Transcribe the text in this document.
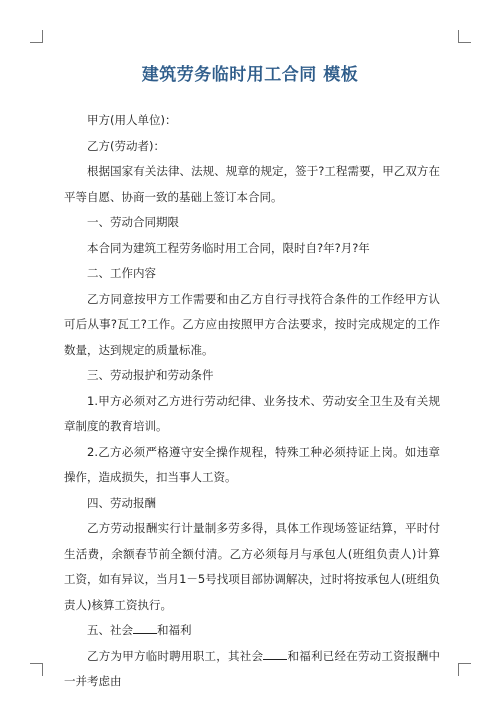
建筑劳务临时用工合同 模板

甲方(用人单位)：

乙方(劳动者)：

根据国家有关法律、法规、规章的规定，签于?工程需要，甲乙双方在平等自愿、协商一致的基础上签订本合同。

一、劳动合同期限

本合同为建筑工程劳务临时用工合同，限时自?年?月?年

二、工作内容

乙方同意按甲方工作需要和由乙方自行寻找符合条件的工作经甲方认可后从事?瓦工?工作。乙方应由按照甲方合法要求，按时完成规定的工作数量，达到规定的质量标准。

三、劳动报护和劳动条件

1.甲方必须对乙方进行劳动纪律、业务技术、劳动安全卫生及有关规章制度的教育培训。

2.乙方必须严格遵守安全操作规程，特殊工种必须持证上岗。如违章操作，造成损失，扣当事人工资。

四、劳动报酬

乙方劳动报酬实行计量制多劳多得，具体工作现场签证结算，平时付生活费，余额春节前全额付清。乙方必须每月与承包人(班组负责人)计算工资，如有异议，当月1－5号找项目部协调解决，过时将按承包人(班组负责人)核算工资执行。

五、社会 和福利

乙方为甲方临时聘用职工，其社会 和福利已经在劳动工资报酬中一并考虑由
